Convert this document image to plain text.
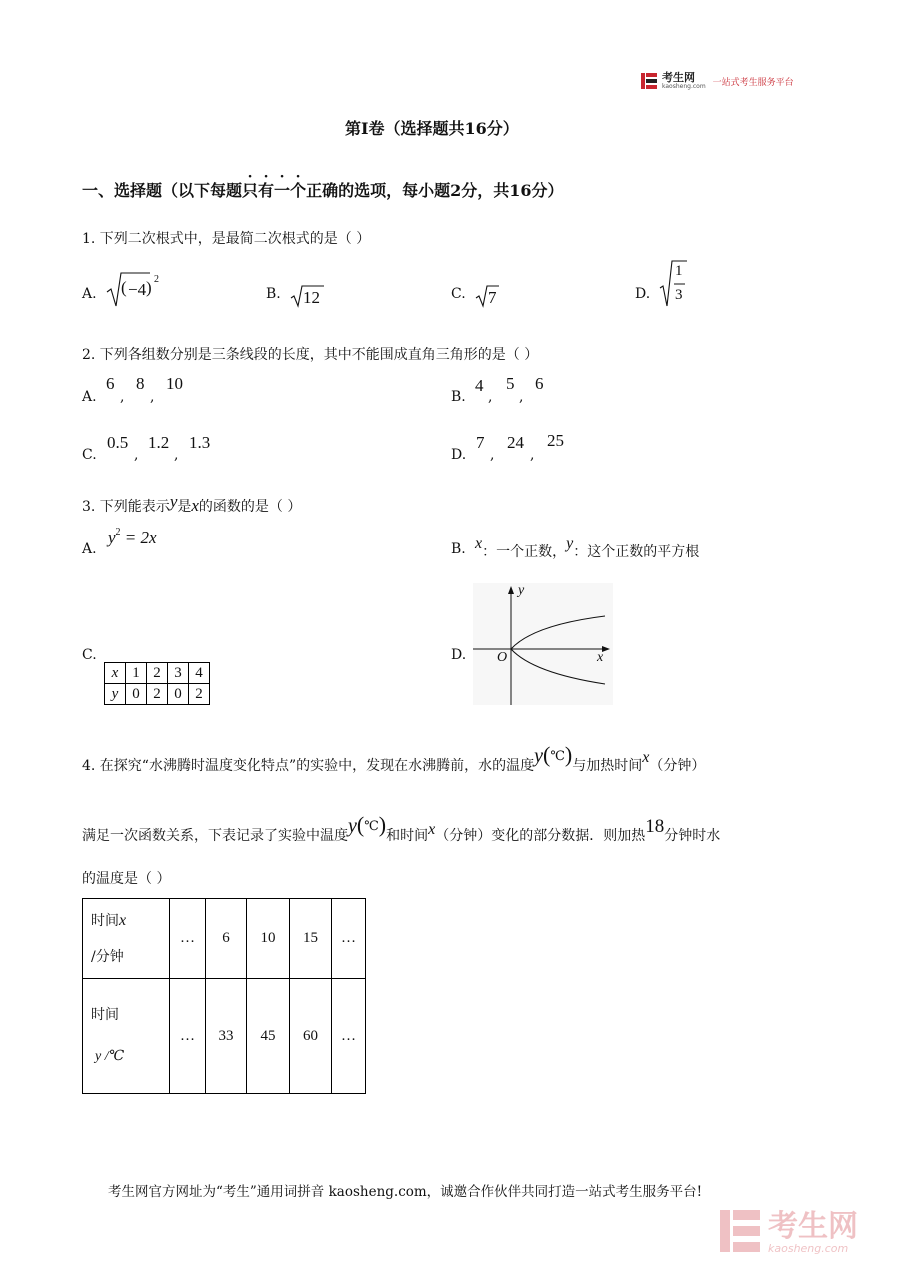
考生网
kaosheng.com 一站式考生服务平台
第Ⅰ卷（选择题共16分）
一、选择题（以下每题只有一个正确的选项，每小题2分，共16分）
1. 下列二次根式中，是最简二次根式的是（ ）
A. ( −4 ) 2
B. 12	C. 7	D.
1
3
2. 下列各组数分别是三条线段的长度，其中不能围成直角三角形的是（ ）
A.
6
,
8
,
10
B.
4
,
5
,
6
C.
0.5
,
1.2
,
1.3
D.
7
,
24
,
25
3. 下列能表示y是x的函数的是（ ）
A.
$y^2 = 2x$
B. x：一个正数，y：这个正数的平方根
C.
x	1	2	3	4
y	0	2	0	2
D.
y
x
O
4. 在探究“水沸腾时温度变化特点”的实验中，发现在水沸腾前，水的温度y(℃)与加热时间x（分钟）
满足一次函数关系，下表记录了实验中温度y(℃)和时间x（分钟）变化的部分数据．则加热18分钟时水
的温度是（ ）
时间x
/分钟	…	6	10	15	…

时间
y /℃	…	33	45	60	…
考生网官方网址为“考生”通用词拼音 kaosheng.com，诚邀合作伙伴共同打造一站式考生服务平台!
考生网
kaosheng.com
